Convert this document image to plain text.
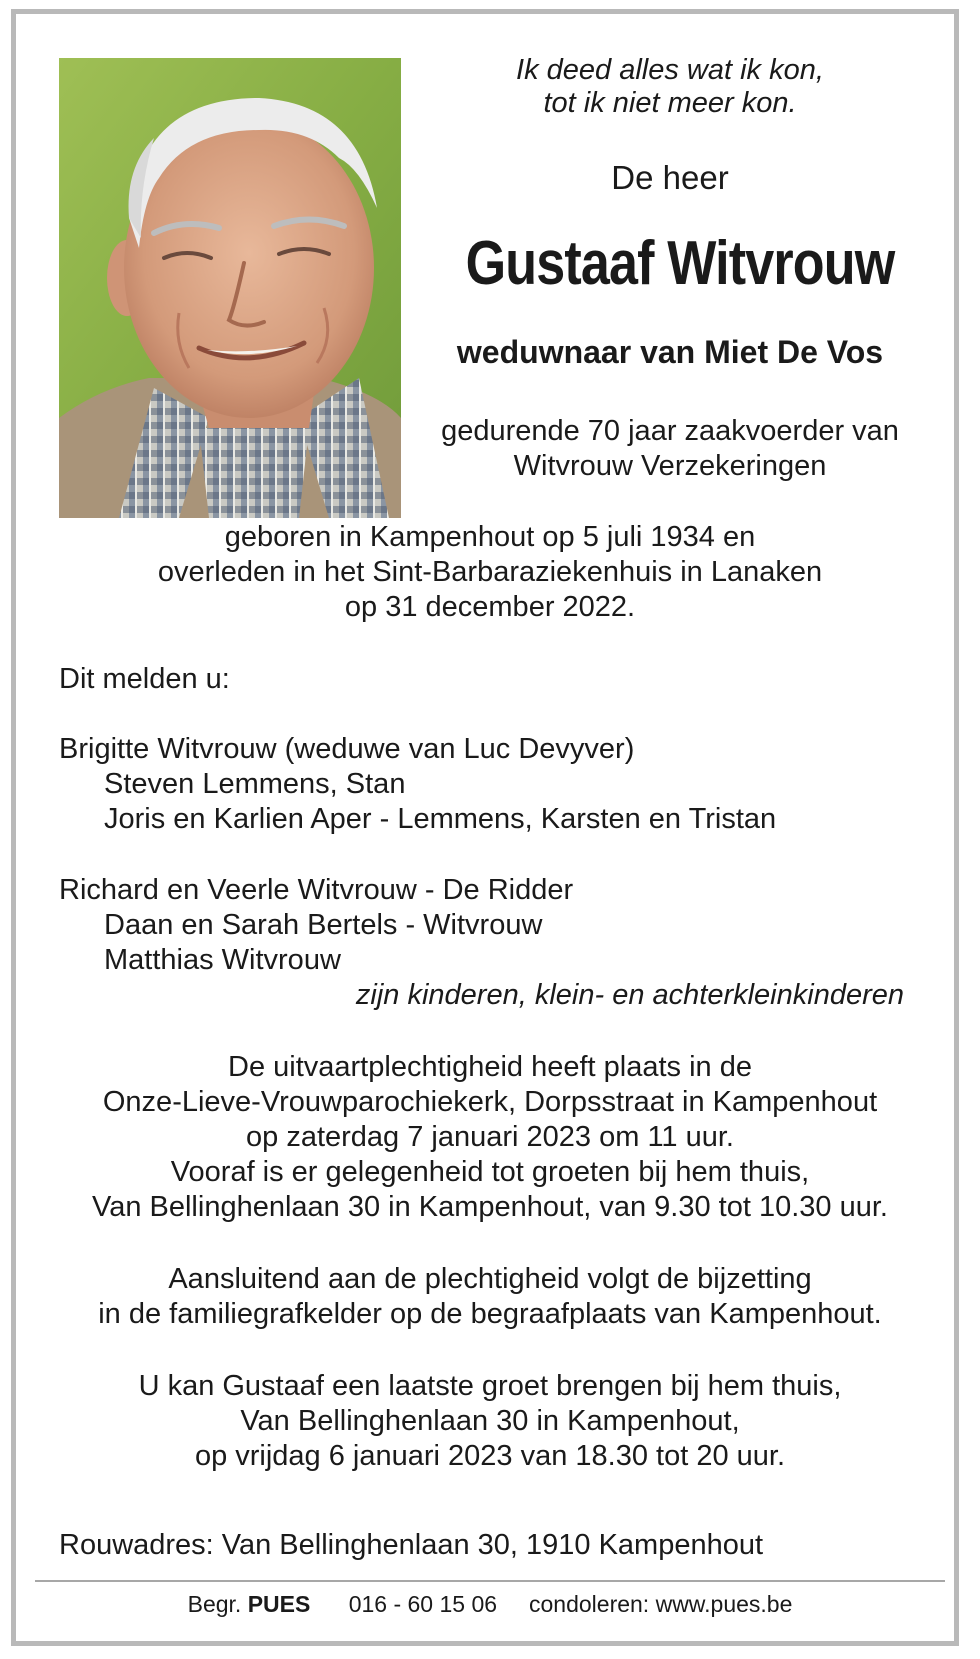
Ik deed alles wat ik kon,
tot ik niet meer kon.
De heer
Gustaaf Witvrouw
weduwnaar van Miet De Vos
gedurende 70 jaar zaakvoerder van
Witvrouw Verzekeringen
geboren in Kampenhout op 5 juli 1934 en
overleden in het Sint-Barbaraziekenhuis in Lanaken
op 31 december 2022.
Dit melden u:
Brigitte Witvrouw (weduwe van Luc Devyver)
Steven Lemmens, Stan
Joris en Karlien Aper - Lemmens, Karsten en Tristan
Richard en Veerle Witvrouw - De Ridder
Daan en Sarah Bertels - Witvrouw
Matthias Witvrouw
zijn kinderen, klein- en achterkleinkinderen
De uitvaartplechtigheid heeft plaats in de
Onze-Lieve-Vrouwparochiekerk, Dorpsstraat in Kampenhout
op zaterdag 7 januari 2023 om 11 uur.
Vooraf is er gelegenheid tot groeten bij hem thuis,
Van Bellinghenlaan 30 in Kampenhout, van 9.30 tot 10.30 uur.
Aansluitend aan de plechtigheid volgt de bijzetting
in de familiegrafkelder op de begraafplaats van Kampenhout.
U kan Gustaaf een laatste groet brengen bij hem thuis,
Van Bellinghenlaan 30 in Kampenhout,
op vrijdag 6 januari 2023 van 18.30 tot 20 uur.
Rouwadres: Van Bellinghenlaan 30, 1910 Kampenhout
Begr. PUES 016 - 60 15 06 condoleren: www.pues.be
